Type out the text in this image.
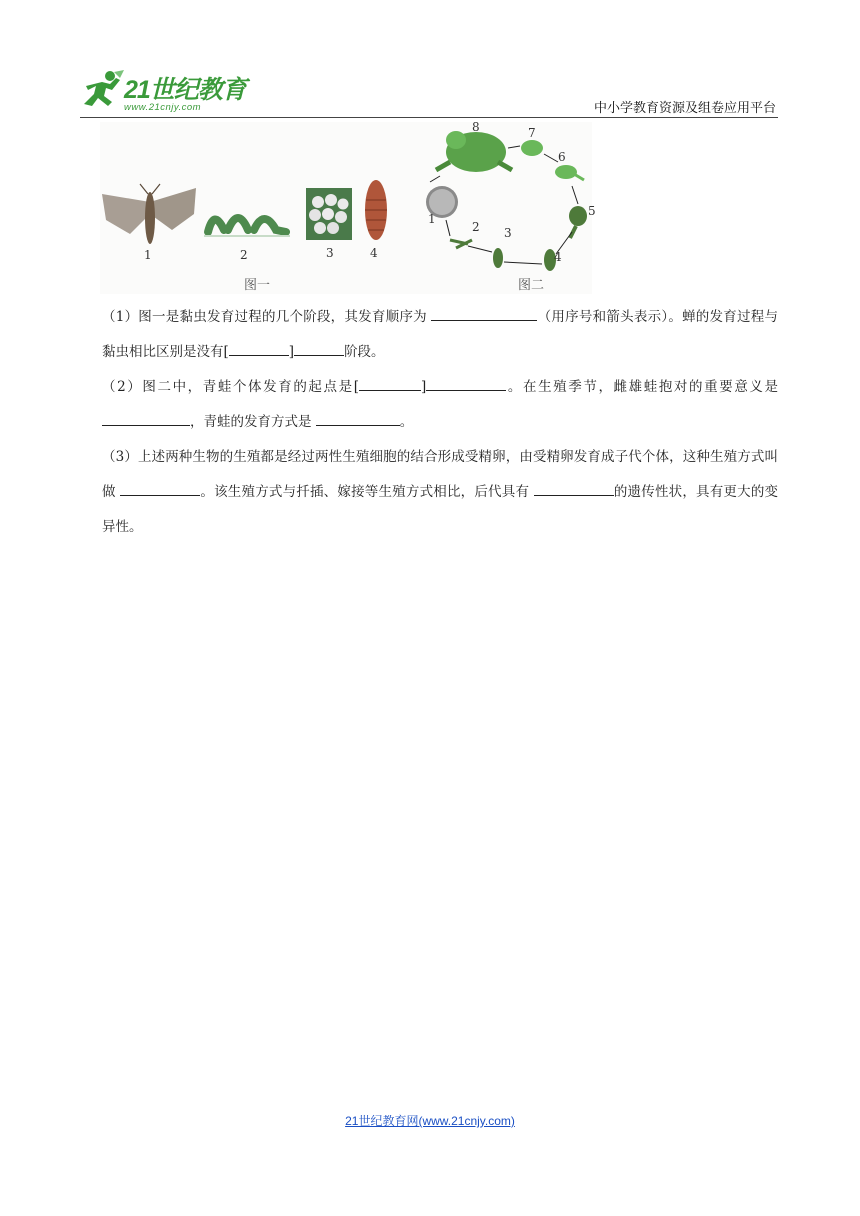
21世纪教育
www.21cnjy.com	中小学教育资源及组卷应用平台
1	2	3	4
图一
1
2 3
4
5
6
7
8
图二

（1）图一是黏虫发育过程的几个阶段，其发育顺序为	（用序号和箭头表示）。蝉的发育过程与黏虫相比区别是没有[	]	阶段。

（2）图二中，青蛙个体发育的起点是[	]	。在生殖季节，雌雄蛙抱对的重要意义是 ，青蛙的发育方式是	。

（3）上述两种生物的生殖都是经过两性生殖细胞的结合形成受精卵，由受精卵发育成子代个体，这种生殖方式叫做	。该生殖方式与扦插、嫁接等生殖方式相比，后代具有	的遗传性状，具有更大的变异性。

21世纪教育网(www.21cnjy.com)
